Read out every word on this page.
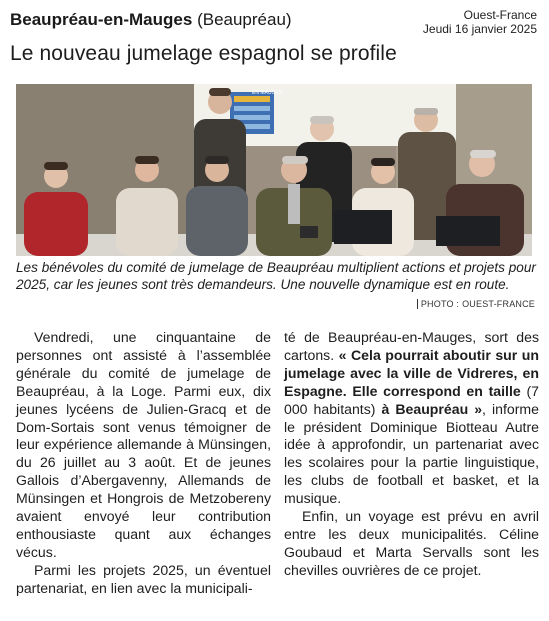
Beaupréau-en-Mauges (Beaupréau)	Ouest-France
Jeudi 16 janvier 2025
Le nouveau jumelage espagnol se profile
EN MAUGES
Les bénévoles du comité de jumelage de Beaupréau multiplient actions et projets pour 2025, car les jeunes sont très demandeurs. Une nouvelle dynamique est en route.
PHOTO : OUEST-FRANCE

Vendredi, une cinquantaine de personnes ont assisté à l’assemblée générale du comité de jumelage de Beaupréau, à la Loge. Parmi eux, dix jeunes lycéens de Julien-Gracq et de Dom-Sortais sont venus témoigner de leur expérience allemande à Münsingen, du 26 juillet au 3 août. Et de jeunes Gallois d’Abergavenny, Allemands de Münsingen et Hongrois de Metzobereny avaient envoyé leur contribution enthousiaste quant aux échanges vécus.

Parmi les projets 2025, un éventuel partenariat, en lien avec la municipali-

té de Beaupréau-en-Mauges, sort des cartons. « Cela pourrait aboutir sur un jumelage avec la ville de Vidreres, en Espagne. Elle correspond en taille (7 000 habitants) à Beaupréau », informe le président Dominique Biotteau Autre idée à approfondir, un partenariat avec les scolaires pour la partie linguistique, les clubs de football et basket, et la musique.

Enfin, un voyage est prévu en avril entre les deux municipalités. Céline Goubaud et Marta Servalls sont les chevilles ouvrières de ce projet.
